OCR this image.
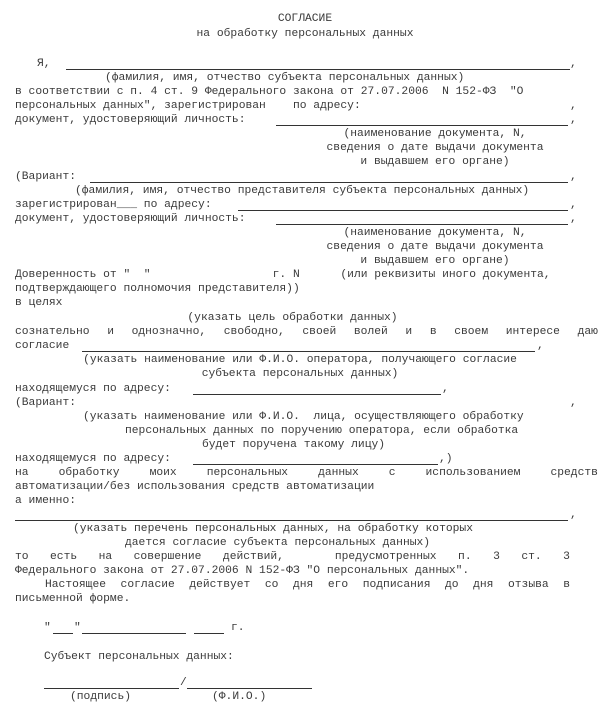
СОГЛАСИЕ
на обработку персональных данных
Я,	,
(фамилия, имя, отчество субъекта персональных данных)
в соответствии с п. 4 ст. 9 Федерального закона от 27.07.2006  N 152-ФЗ  "О
персональных данных", зарегистрирован    по адресу:	,
документ, удостоверяющий личность:	,
(наименование документа, N,
сведения о дате выдачи документа
и выдавшем его органе)
(Вариант:	,
(фамилия, имя, отчество представителя субъекта персональных данных)
зарегистрирован___ по адресу:	,
документ, удостоверяющий личность:	,
(наименование документа, N,
сведения о дате выдачи документа
и выдавшем его органе)
Доверенность от "  "                  г. N      (или реквизиты иного документа,
подтверждающего полномочия представителя))
в целях
(указать цель обработки данных)
сознательно и однозначно, свободно, своей волей и в своем интересе даю
согласие	,
(указать наименование или Ф.И.О. оператора, получающего согласие
субъекта персональных данных)
находящемуся по адресу:	,
(Вариант:	,
(указать наименование или Ф.И.О.  лица, осуществляющего обработку
персональных данных по поручению оператора, если обработка
будет поручена такому лицу)
находящемуся по адресу:	,)
на	обработку	моих	персональных	данных	с	использованием	средств
автоматизации/без использования средств автоматизации
а именно:
,
(указать перечень персональных данных, на обработку которых
дается согласие субъекта персональных данных)
то есть на совершение действий,	предусмотренных п. 3 ст. 3
Федерального закона от 27.07.2006 N 152-ФЗ "О персональных данных".
Настоящее согласие действует со дня его подписания до дня отзыва в
письменной форме.
" "	г.
Субъект персональных данных:
/
(подпись)	(Ф.И.О.)
